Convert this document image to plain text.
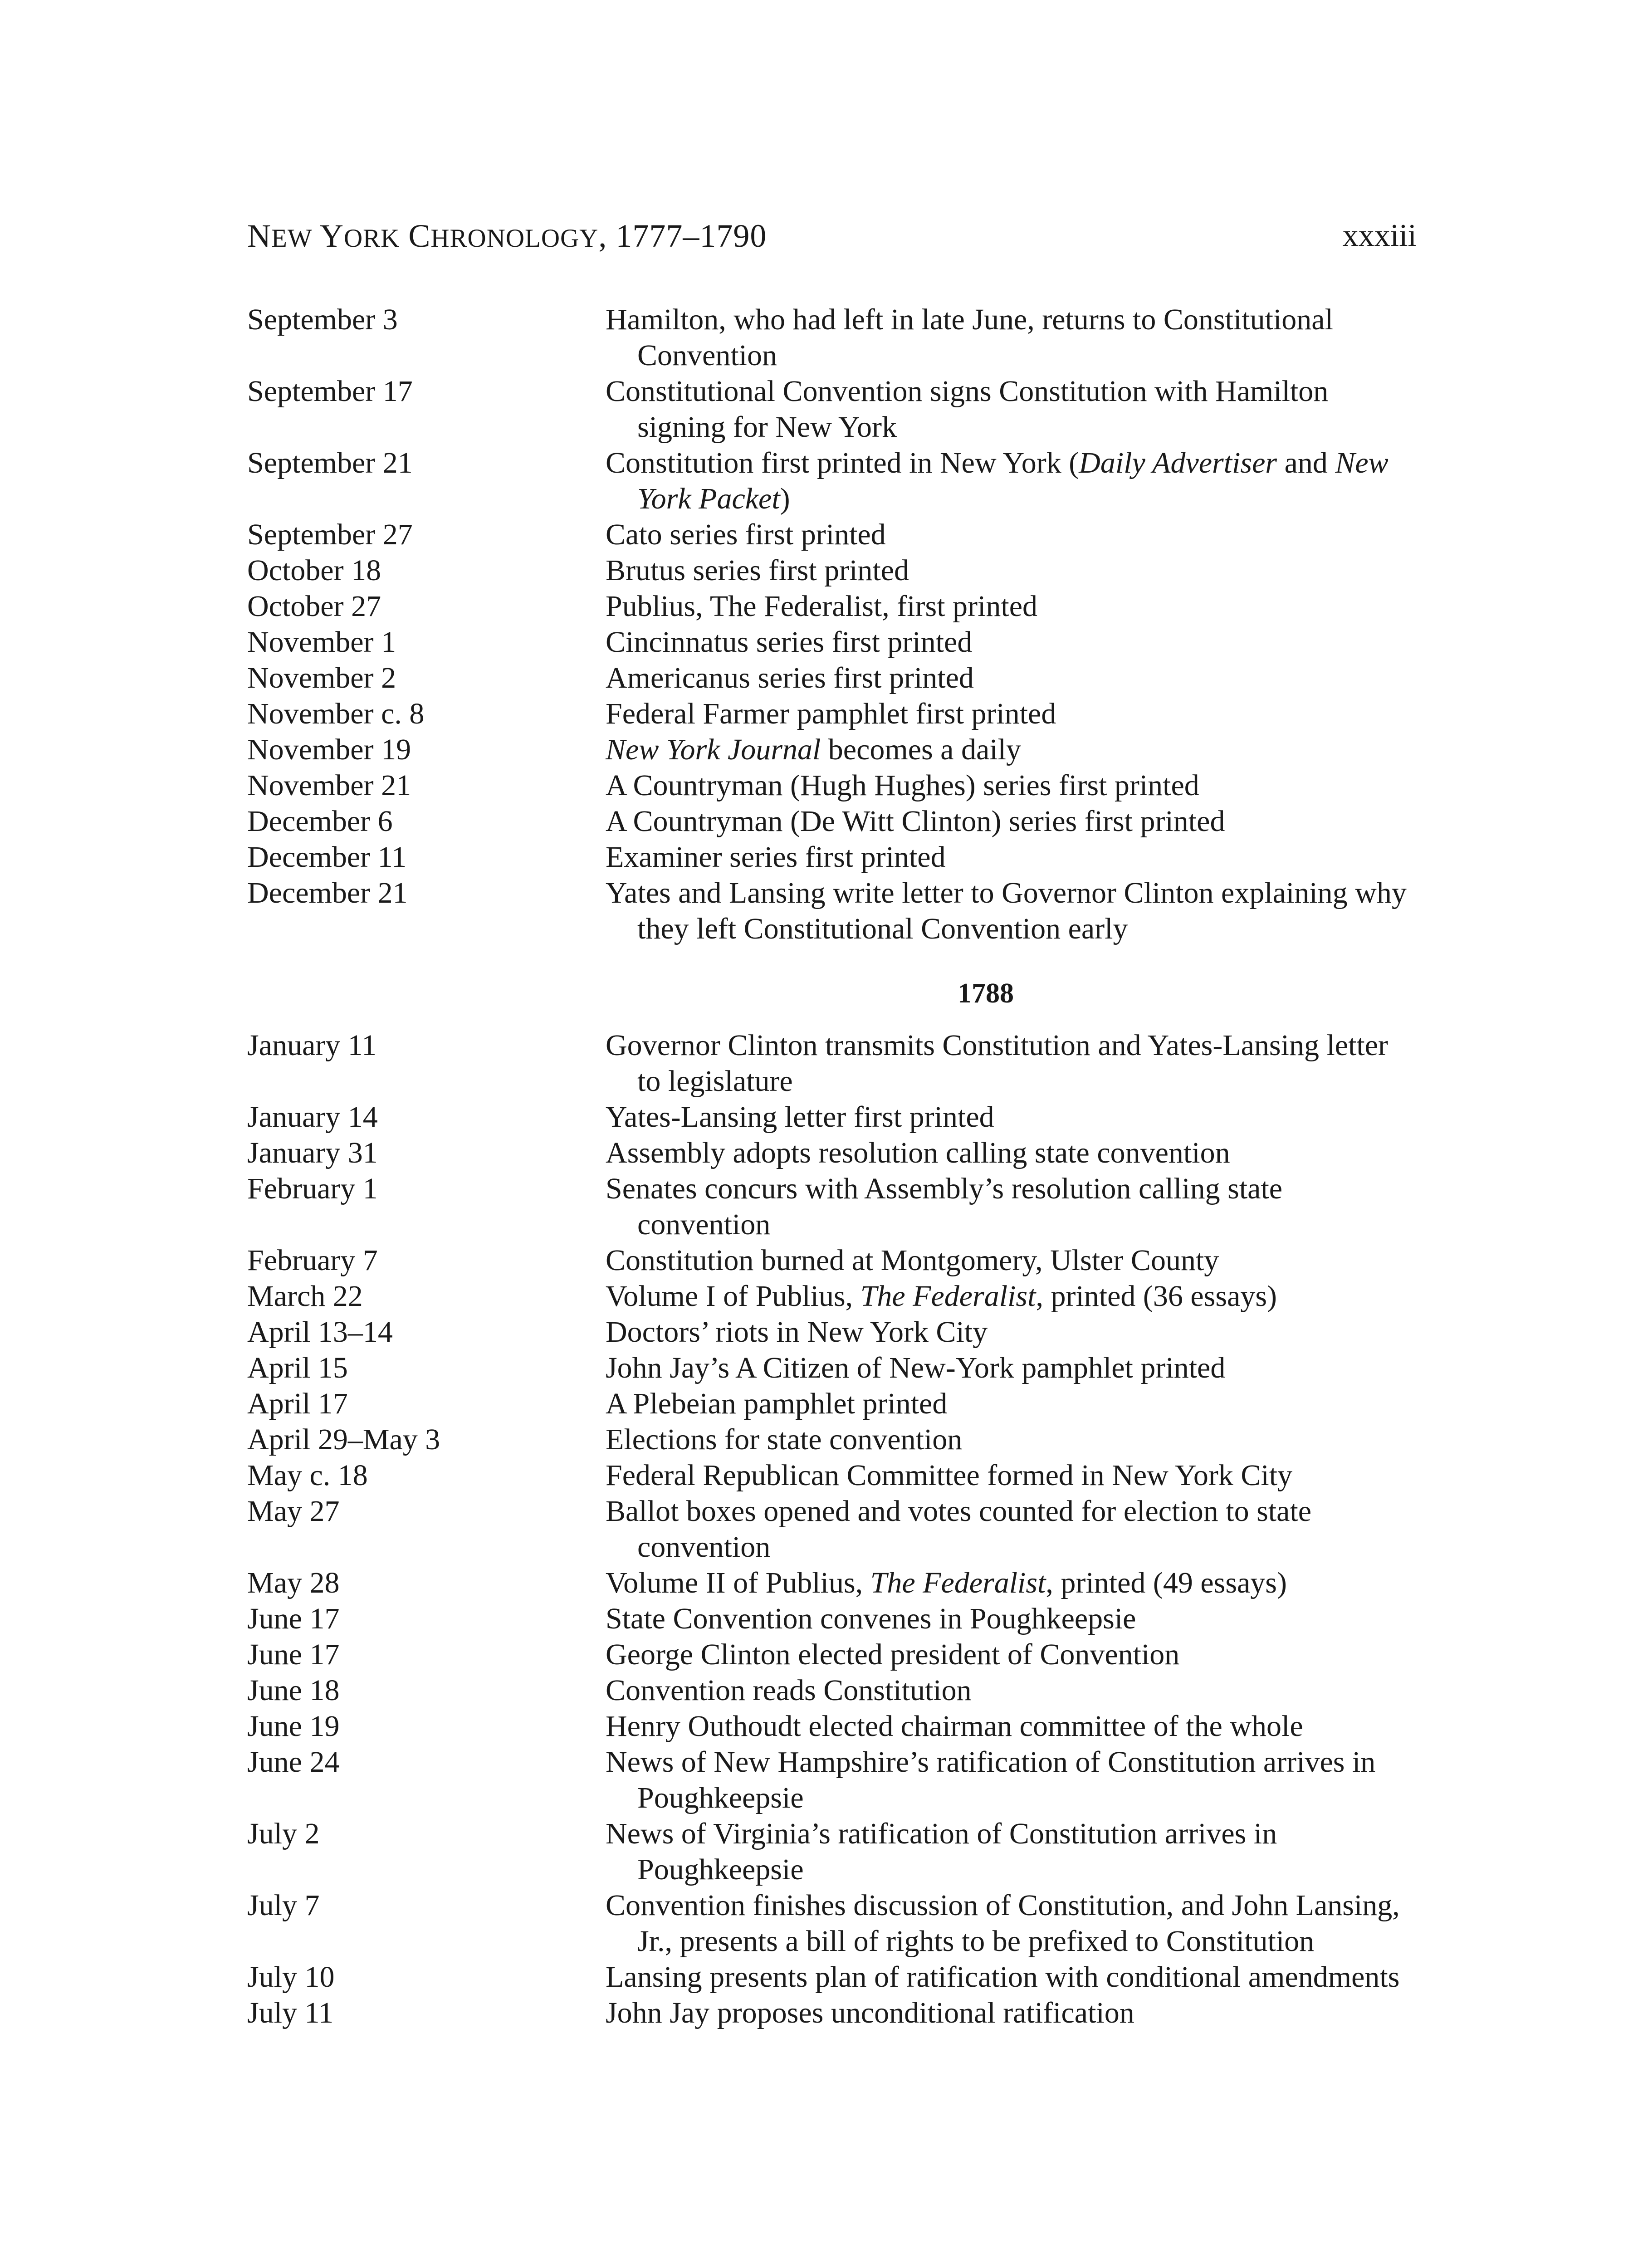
NEW YORK CHRONOLOGY, 1777–1790	xxxiii
September 3	Hamilton, who had left in late June, returns to Constitutional Convention
September 17	Constitutional Convention signs Constitution with Hamilton signing for New York
September 21	Constitution first printed in New York (Daily Advertiser and New York Packet)
September 27	Cato series first printed
October 18	Brutus series first printed
October 27	Publius, The Federalist, first printed
November 1	Cincinnatus series first printed
November 2	Americanus series first printed
November c. 8	Federal Farmer pamphlet first printed
November 19	New York Journal becomes a daily
November 21	A Countryman (Hugh Hughes) series first printed
December 6	A Countryman (De Witt Clinton) series first printed
December 11	Examiner series first printed
December 21	Yates and Lansing write letter to Governor Clinton explaining why they left Constitutional Convention early
1788
January 11	Governor Clinton transmits Constitution and Yates-Lansing letter to legislature
January 14	Yates-Lansing letter first printed
January 31	Assembly adopts resolution calling state convention
February 1	Senates concurs with Assembly’s resolution calling state convention
February 7	Constitution burned at Montgomery, Ulster County
March 22	Volume I of Publius, The Federalist, printed (36 essays)
April 13–14	Doctors’ riots in New York City
April 15	John Jay’s A Citizen of New-York pamphlet printed
April 17	A Plebeian pamphlet printed
April 29–May 3	Elections for state convention
May c. 18	Federal Republican Committee formed in New York City
May 27	Ballot boxes opened and votes counted for election to state convention
May 28	Volume II of Publius, The Federalist, printed (49 essays)
June 17	State Convention convenes in Poughkeepsie
June 17	George Clinton elected president of Convention
June 18	Convention reads Constitution
June 19	Henry Outhoudt elected chairman committee of the whole
June 24	News of New Hampshire’s ratification of Constitution arrives in Poughkeepsie
July 2	News of Virginia’s ratification of Constitution arrives in Poughkeepsie
July 7	Convention finishes discussion of Constitution, and John Lansing, Jr., presents a bill of rights to be prefixed to Constitution
July 10	Lansing presents plan of ratification with conditional amendments
July 11	John Jay proposes unconditional ratification
